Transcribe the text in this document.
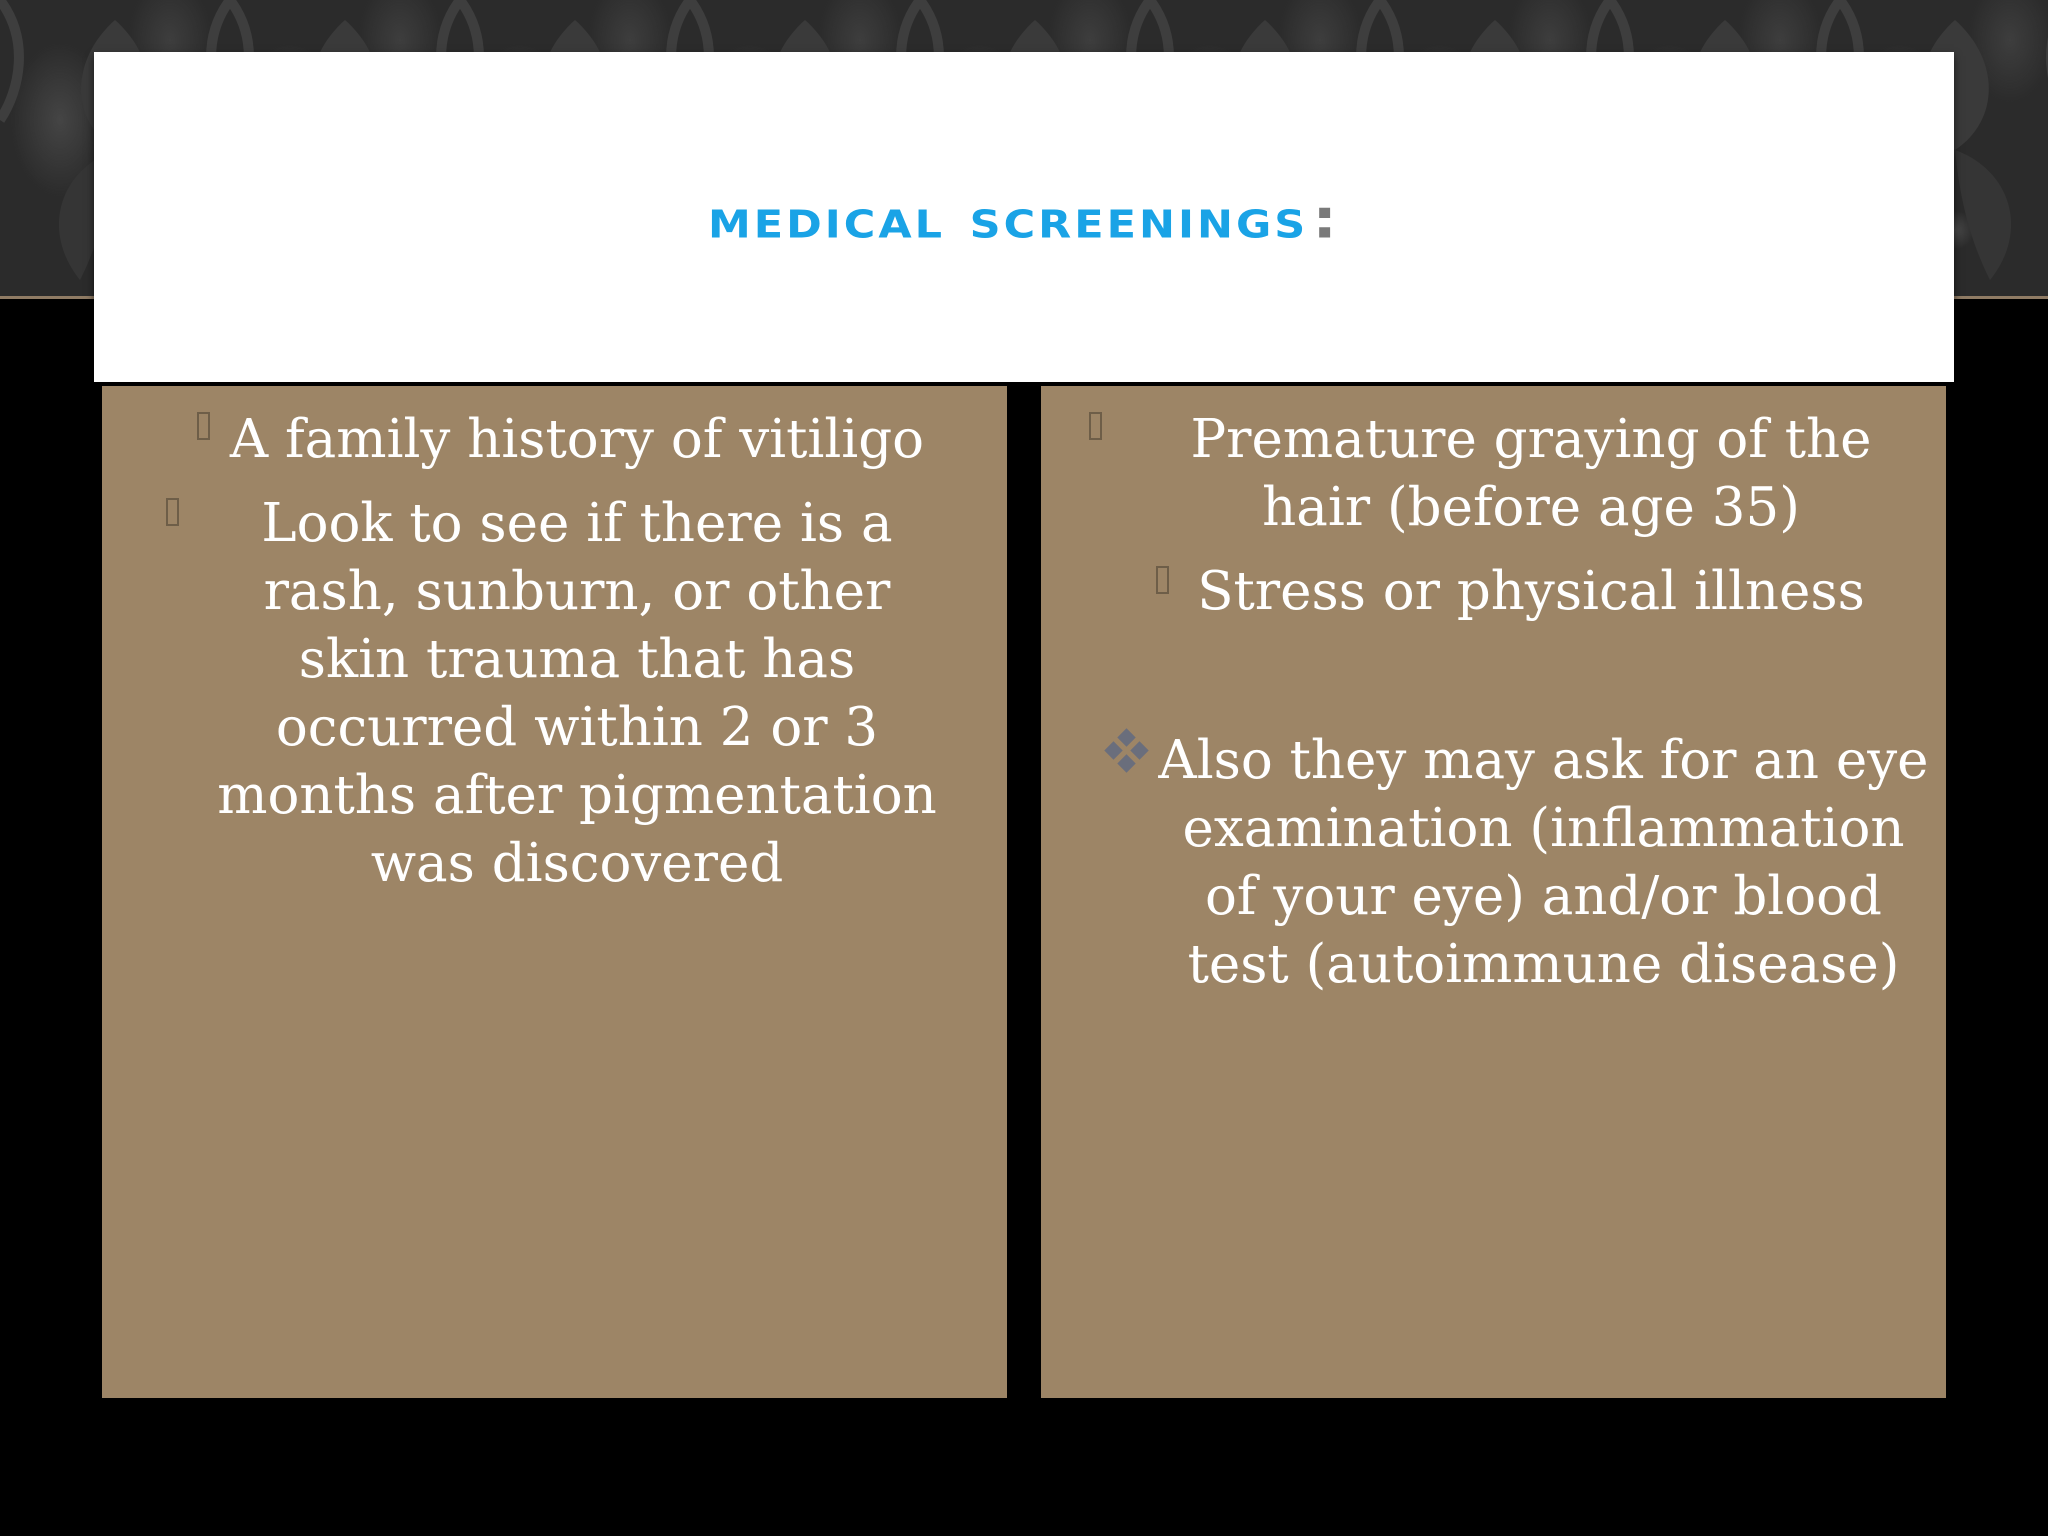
medical screenings:
A family history of vitiligo
Look to see if there is a rash, sunburn, or other skin trauma that has occurred within 2 or 3 months after pigmentation was discovered
Premature graying of the hair (before age 35)
Stress or physical illness
Also they may ask for an eye examination (inflammation of your eye) and/or blood test (autoimmune disease)
